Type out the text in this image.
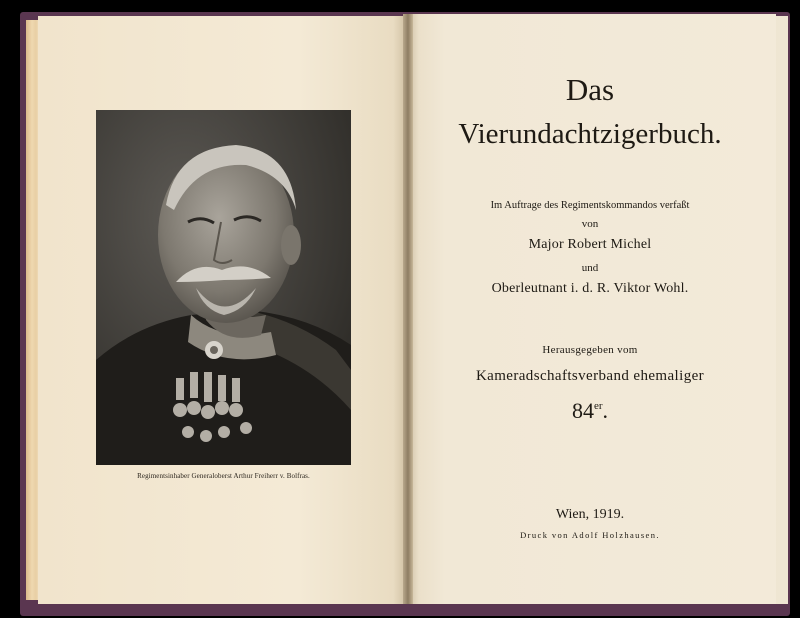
Regimentsinhaber Generaloberst Arthur Freiherr v. Bolfras.
Das
Vierundachtzigerbuch.
Im Auftrage des Regimentskommandos verfaßt
von
Major Robert Michel
und
Oberleutnant i. d. R. Viktor Wohl.
Herausgegeben vom
Kameradschaftsverband ehemaliger
84er.
Wien, 1919.
Druck von Adolf Holzhausen.
